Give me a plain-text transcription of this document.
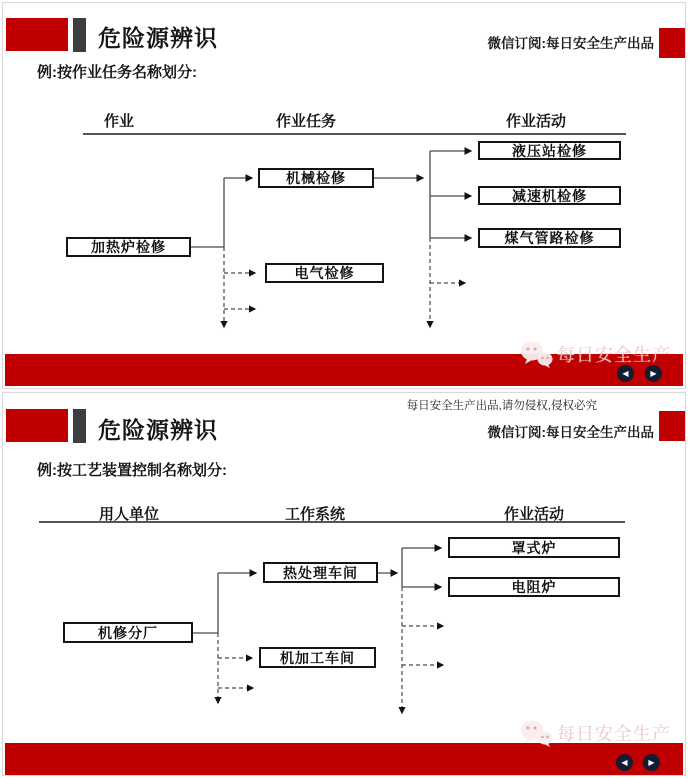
危险源辨识	微信订阅:每日安全生产出品
例:按作业任务名称划分:
作业	作业任务	作业活动
加热炉检修
机械检修
电气检修
液压站检修
减速机检修
煤气管路检修
每日安全生产
◀	▶
每日安全生产出品,请勿侵权,侵权必究
危险源辨识	微信订阅:每日安全生产出品
例:按工艺装置控制名称划分:
用人单位	工作系统	作业活动
机修分厂
热处理车间
机加工车间
罩式炉
电阻炉
每日安全生产
◀	▶
